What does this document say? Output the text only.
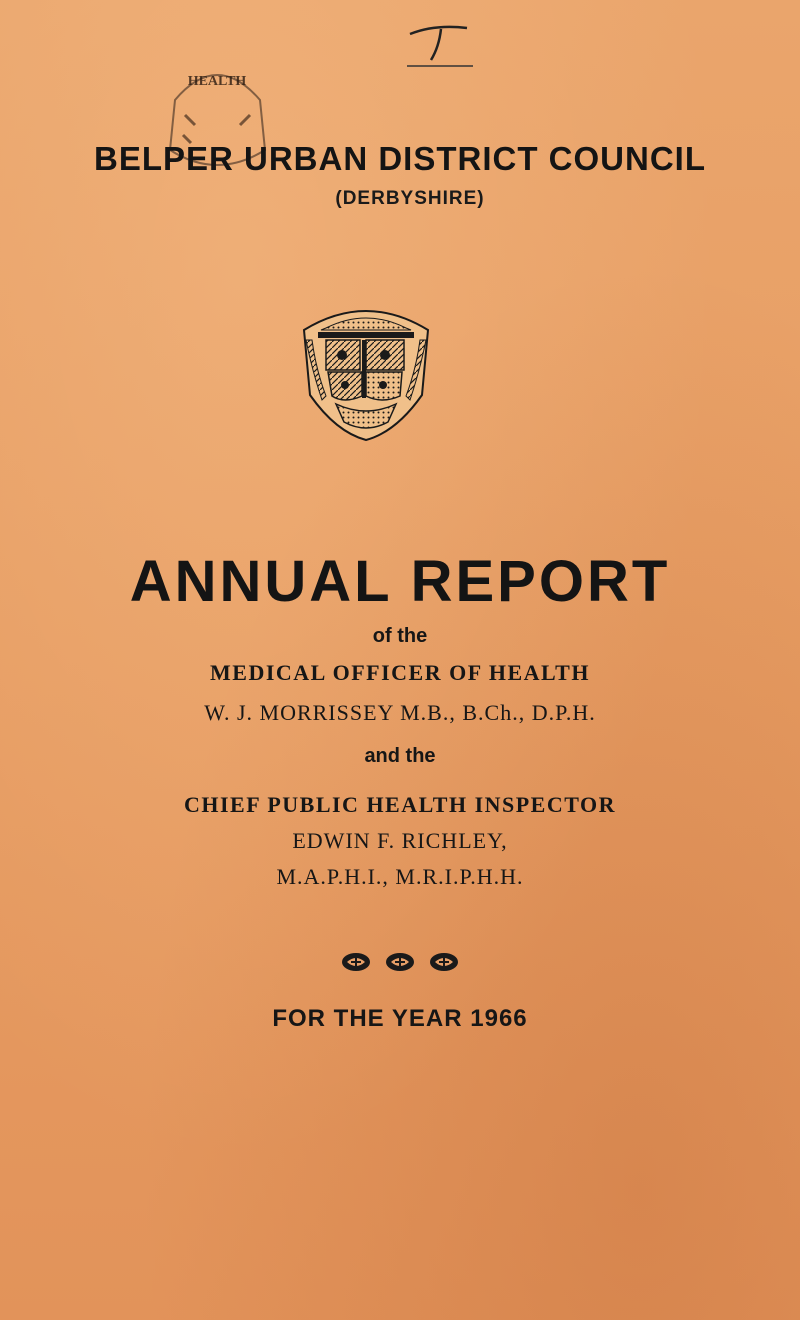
HEALTH
BELPER URBAN DISTRICT COUNCIL
(DERBYSHIRE)
ANNUAL REPORT
of the
MEDICAL OFFICER OF HEALTH
W. J. MORRISSEY M.B., B.Ch., D.P.H.
and the
CHIEF PUBLIC HEALTH INSPECTOR
EDWIN F. RICHLEY,
M.A.P.H.I., M.R.I.P.H.H.
FOR THE YEAR 1966
